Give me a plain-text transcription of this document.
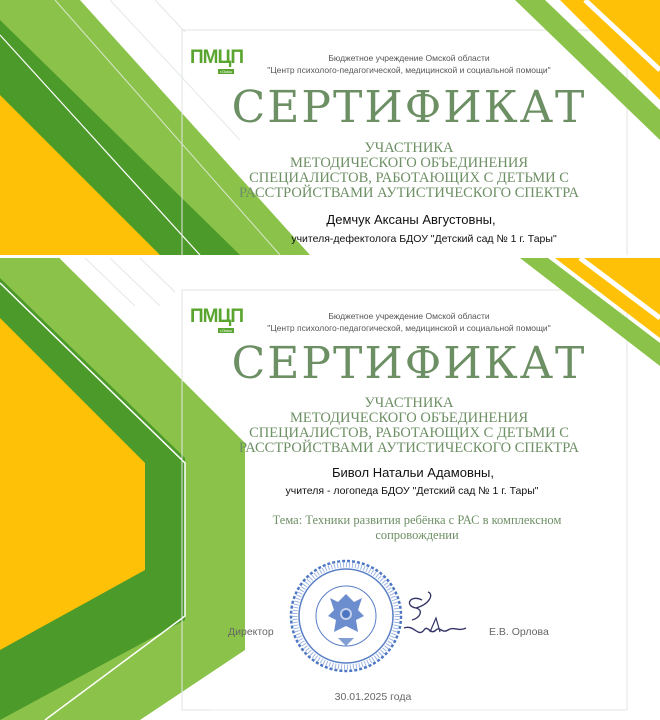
ПМЦП
г.Омск
Бюджетное учреждение Омской области
"Центр психолого-педагогической, медицинской и социальной помощи"
СЕРТИФИКАТ
УЧАСТНИКА
МЕТОДИЧЕСКОГО ОБЪЕДИНЕНИЯ
СПЕЦИАЛИСТОВ, РАБОТАЮЩИХ С ДЕТЬМИ С
РАССТРОЙСТВАМИ АУТИСТИЧЕСКОГО СПЕКТРА
Демчук Аксаны Августовны,
учителя-дефектолога БДОУ "Детский сад № 1 г. Тары"
ПМЦП
г.Омск
Бюджетное учреждение Омской области
"Центр психолого-педагогической, медицинской и социальной помощи"
СЕРТИФИКАТ
УЧАСТНИКА
МЕТОДИЧЕСКОГО ОБЪЕДИНЕНИЯ
СПЕЦИАЛИСТОВ, РАБОТАЮЩИХ С ДЕТЬМИ С
РАССТРОЙСТВАМИ АУТИСТИЧЕСКОГО СПЕКТРА
Бивол Натальи Адамовны,
учителя - логопеда БДОУ "Детский сад № 1 г. Тары"
Тема: Техники развития ребёнка с РАС в комплексном
сопровождении
Директор	Е.В. Орлова
30.01.2025 года
